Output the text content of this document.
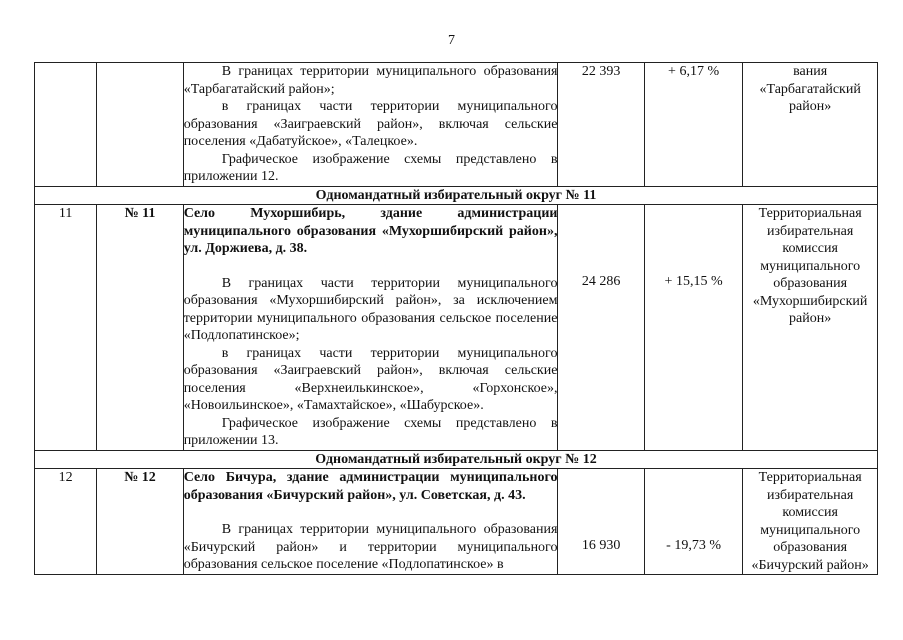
7

		В границах территории муниципального образования «Тарбагатайский район»;

в границах части территории муниципального образования «Заиграевский район», включая сельские поселения «Дабатуйское», «Талецкое».

Графическое изображение схемы представлено в приложении 12.	22 393	+ 6,17 %	вания «Тарбагатайский район»
Одномандатный избирательный округ № 11					
11	№ 11	Село Мухоршибирь, здание администрации муниципального образования «Мухоршибирский район», ул. Доржиева, д. 38.

В границах части территории муниципального образования «Мухоршибирский район», за исключением территории муниципального образования сельское поселение «Подлопатинское»;

в границах части территории муниципального образования «Заиграевский район», включая сельские поселения «Верхнеилькинское», «Горхонское», «Новоильинское», «Тамахтайское», «Шабурское».

Графическое изображение схемы представлено в приложении 13.	24 286	+ 15,15 %	Территориальная избирательная комиссия муниципального образования «Мухоршибирский район»
Одномандатный избирательный округ № 12					
12	№ 12	Село Бичура, здание администрации муниципального образования «Бичурский район», ул. Советская, д. 43.

В границах территории муниципального образования «Бичурский район» и территории муниципального образования сельское поселение «Подлопатинское» в	16 930	- 19,73 %	Территориальная избирательная комиссия муниципального образования «Бичурский район»
